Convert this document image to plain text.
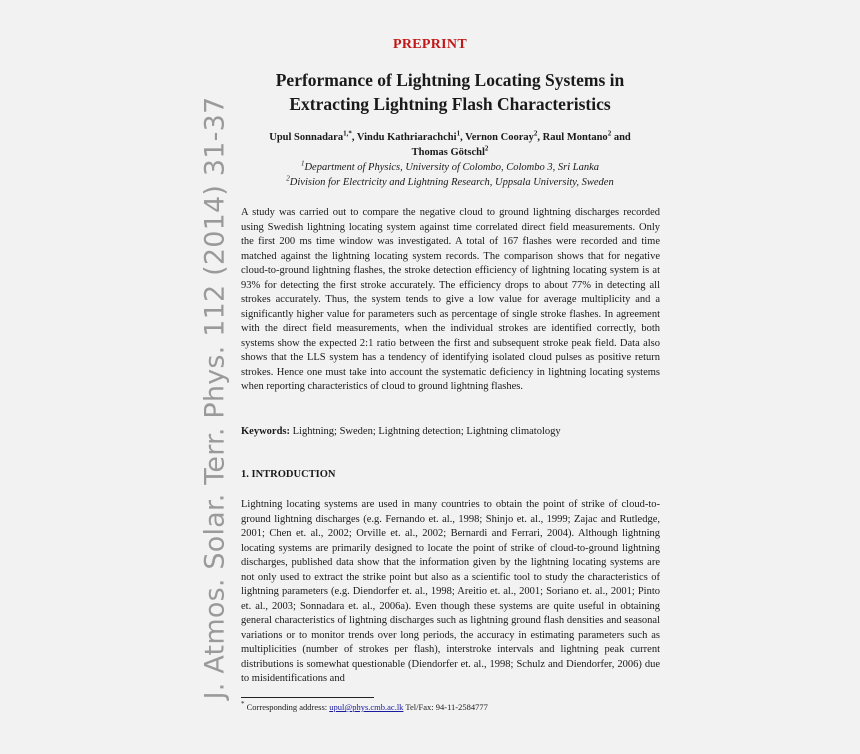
PREPRINT
Performance of Lightning Locating Systems in
Extracting Lightning Flash Characteristics
Upul Sonnadara$^{1,*}$, Vindu Kathriarachchi$^1$, Vernon Cooray$^2$, Raul Montano$^2$ and
Thomas Götschl$^2$
$^1$Department of Physics, University of Colombo, Colombo 3, Sri Lanka
$^2$Division for Electricity and Lightning Research, Uppsala University, Sweden
J. Atmos. Solar. Terr. Phys. 112 (2014) 31-37 A study was carried out to compare the negative cloud to ground lightning discharges recorded using Swedish lightning locating system against time correlated direct field measurements. Only the first 200 ms time window was investigated. A total of 167 flashes were recorded and time matched against the lightning locating system records. The comparison shows that for negative cloud-to-ground lightning flashes, the stroke detection efficiency of lightning locating system is at 93% for detecting the first stroke accurately. The efficiency drops to about 77% in detecting all strokes accurately. Thus, the system tends to give a low value for average multiplicity and a significantly higher value for parameters such as percentage of single stroke flashes. In agreement with the direct field measurements, when the individual strokes are identified correctly, both systems show the expected 2:1 ratio between the first and subsequent stroke peak field. Data also shows that the LLS system has a tendency of identifying isolated cloud pulses as positive return strokes. Hence one must take into account the systematic deficiency in lightning locating systems when reporting characteristics of cloud to ground lightning flashes.

Keywords: Lightning; Sweden; Lightning detection; Lightning climatology
1. INTRODUCTION

Lightning locating systems are used in many countries to obtain the point of strike of cloud-to-ground lightning discharges (e.g. Fernando et. al., 1998; Shinjo et. al., 1999; Zajac and Rutledge, 2001; Chen et. al., 2002; Orville et. al., 2002; Bernardi and Ferrari, 2004). Although lightning locating systems are primarily designed to locate the point of strike of cloud-to-ground lightning discharges, published data show that the information given by the lightning locating systems are not only used to extract the strike point but also as a scientific tool to study the characteristics of lightning parameters (e.g. Diendorfer et. al., 1998; Areitio et. al., 2001; Soriano et. al., 2001; Pinto et. al., 2003; Sonnadara et. al., 2006a). Even though these systems are quite useful in obtaining general characteristics of lightning discharges such as lightning ground flash densities and seasonal variations or to monitor trends over long periods, the accuracy in estimating parameters such as multiplicities (number of strokes per flash), interstroke intervals and lightning peak current distributions is somewhat questionable (Diendorfer et. al., 1998; Schulz and Diendorfer, 2006) due to misidentifications and

* Corresponding address: upul@phys.cmb.ac.lk Tel/Fax: 94-11-2584777
